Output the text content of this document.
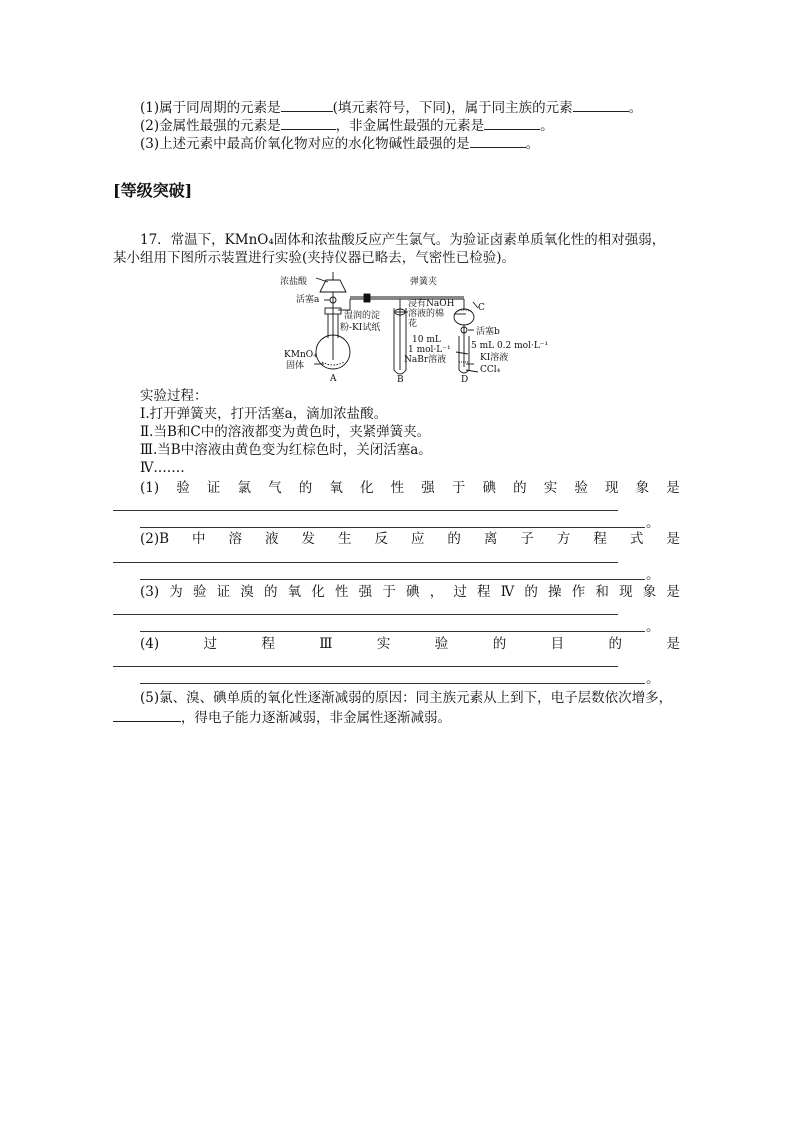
(1)属于同周期的元素是	(填元素符号，下同)，属于同主族的元素	。
(2)金属性最强的元素是	，非金属性最强的元素是	。
(3)上述元素中最高价氧化物对应的水化物碱性最强的是	。
[等级突破]
17．常温下，KMnO₄固体和浓盐酸反应产生氯气。为验证卤素单质氧化性的相对强弱，
某小组用下图所示装置进行实验(夹持仪器已略去，气密性已检验)。
浓盐酸
活塞a
KMnO₄
固体
A
湿润的淀
粉-KI试纸
弹簧夹
浸有NaOH
溶液的棉
花
C
活塞b
10 mL
1 mol·L⁻¹
NaBr溶液
5 mL 0.2 mol·L⁻¹
KI溶液
CCl₄
B	D
实验过程：
Ⅰ.打开弹簧夹，打开活塞a，滴加浓盐酸。
Ⅱ.当B和C中的溶液都变为黄色时，夹紧弹簧夹。
Ⅲ.当B中溶液由黄色变为红棕色时，关闭活塞a。
Ⅳ.……
(1) 验 证 氯 气 的 氧 化 性 强 于 碘 的 实 验 现 象 是
。
(2)B 中 溶 液 发 生 反 应 的 离 子 方 程 式 是
。
(3) 为 验 证 溴 的 氧 化 性 强 于 碘 ， 过 程 Ⅳ 的 操 作 和 现 象 是
。
(4)	过	程	Ⅲ	实	验	的	目	的	是
。
(5)氯、溴、碘单质的氧化性逐渐减弱的原因：同主族元素从上到下，电子层数依次增多，
，得电子能力逐渐减弱，非金属性逐渐减弱。
